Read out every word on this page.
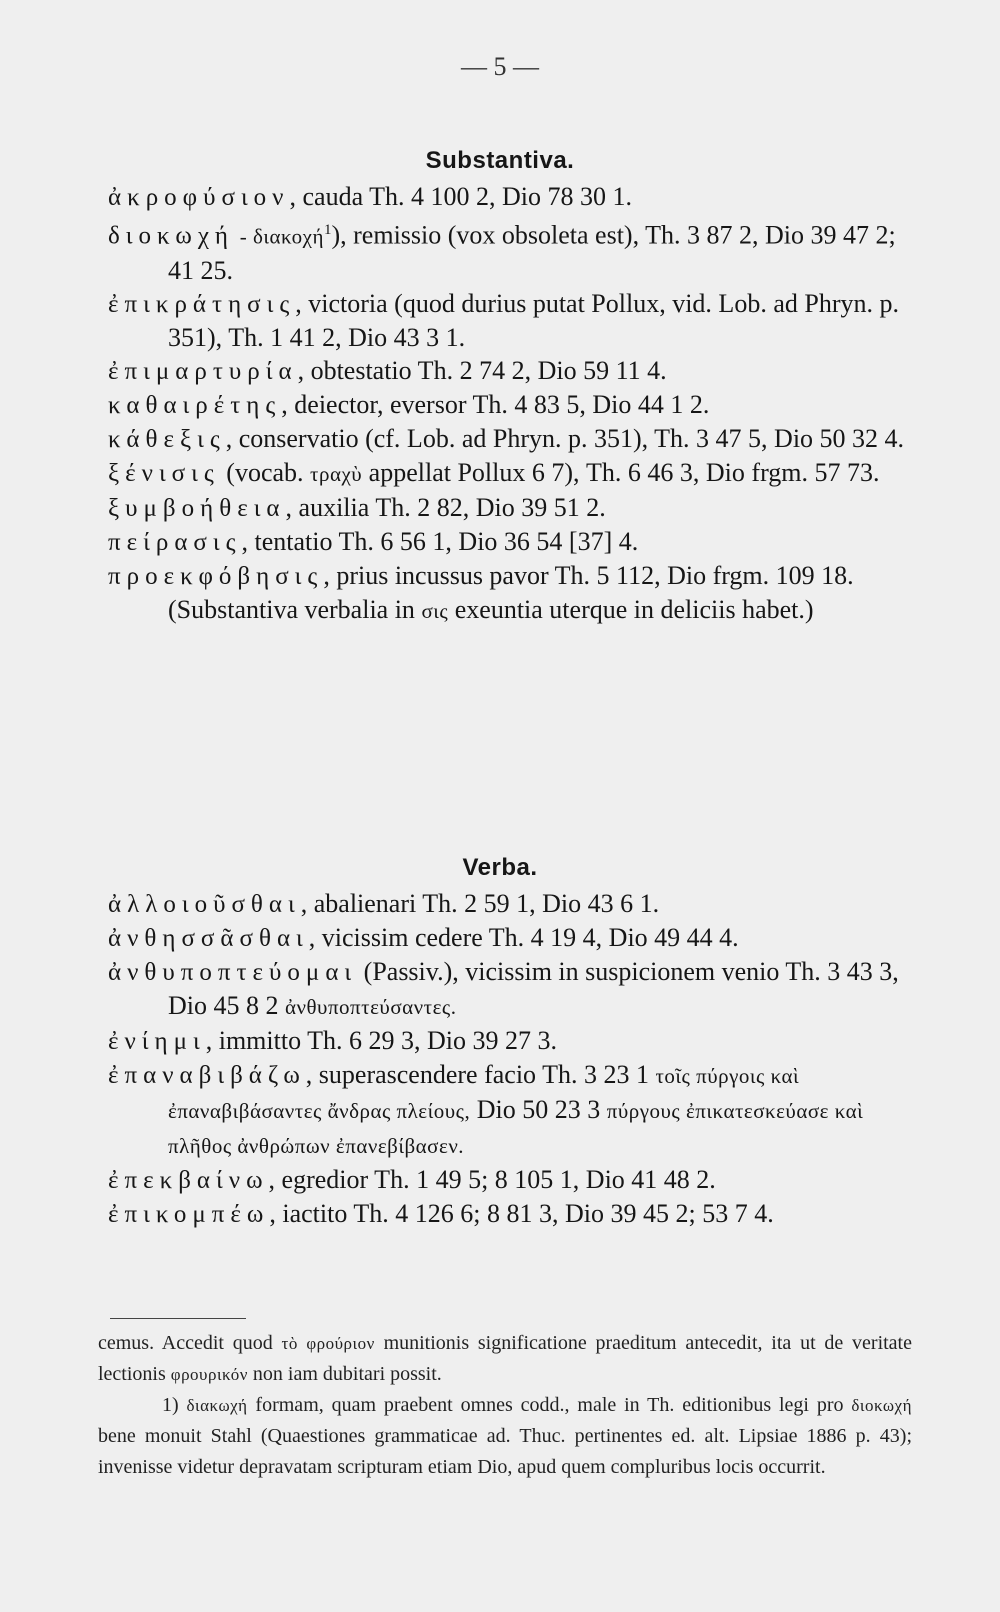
— 5 —
Substantiva.

ἀκροφύσιον, cauda Th. 4 100 2, Dio 78 30 1.

διοκωχή - διακοχή$^1$), remissio (vox obsoleta est), Th. 3 87 2, Dio 39 47 2; 41 25.

ἐπικράτησις, victoria (quod durius putat Pollux, vid. Lob. ad Phryn. p. 351), Th. 1 41 2, Dio 43 3 1.

ἐπιμαρτυρία, obtestatio Th. 2 74 2, Dio 59 11 4.

καθαιρέτης, deiector, eversor Th. 4 83 5, Dio 44 1 2.

κάθεξις, conservatio (cf. Lob. ad Phryn. p. 351), Th. 3 47 5, Dio 50 32 4.

ξένισις (vocab. τραχὺ appellat Pollux 6 7), Th. 6 46 3, Dio frgm. 57 73.

ξυμβοήθεια, auxilia Th. 2 82, Dio 39 51 2.

πείρασις, tentatio Th. 6 56 1, Dio 36 54 [37] 4.

προεκφόβησις, prius incussus pavor Th. 5 112, Dio frgm. 109 18.

(Substantiva verbalia in σις exeuntia uterque in deliciis habet.)

Verba.

ἀλλοιοῦσθαι, abalienari Th. 2 59 1, Dio 43 6 1.

ἀνθησσᾶσθαι, vicissim cedere Th. 4 19 4, Dio 49 44 4.

ἀνθυποπτεύομαι (Passiv.), vicissim in suspicionem venio Th. 3 43 3, Dio 45 8 2 ἀνθυποπτεύσαντες.

ἐνίημι, immitto Th. 6 29 3, Dio 39 27 3.

ἐπαναβιβάζω, superascendere facio Th. 3 23 1 τοῖς πύργοις καὶ ἐπαναβιβάσαντες ἄνδρας πλείους, Dio 50 23 3 πύργους ἐπικατεσκεύασε καὶ πλῆθος ἀνθρώπων ἐπανεβίβασεν.

ἐπεκβαίνω, egredior Th. 1 49 5; 8 105 1, Dio 41 48 2.

ἐπικομπέω, iactito Th. 4 126 6; 8 81 3, Dio 39 45 2; 53 7 4.

cemus. Accedit quod τὸ φρούριον munitionis significatione praeditum antecedit, ita ut de veritate lectionis φρουρικόν non iam dubitari possit.

1) διακωχή formam, quam praebent omnes codd., male in Th. editionibus legi pro διοκωχή bene monuit Stahl (Quaestiones grammaticae ad. Thuc. pertinentes ed. alt. Lipsiae 1886 p. 43); invenisse videtur depravatam scripturam etiam Dio, apud quem compluribus locis occurrit.
